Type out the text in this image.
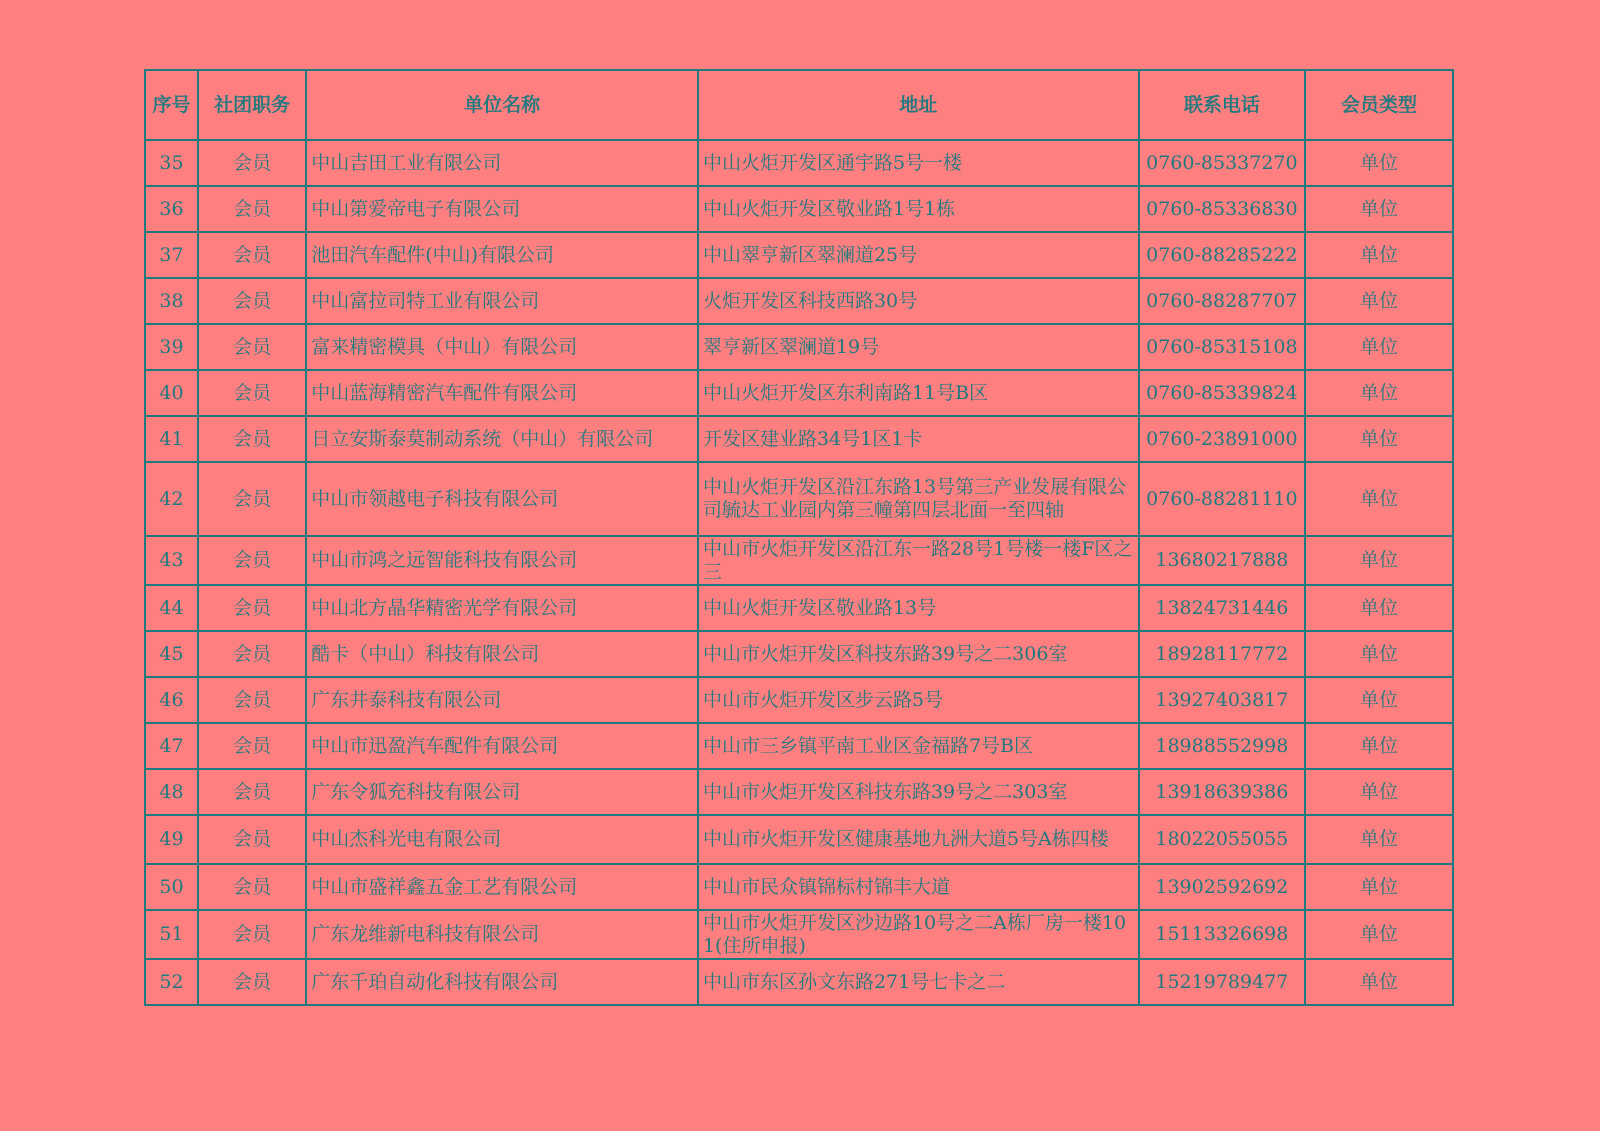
序号	社团职务	单位名称	地址	联系电话	会员类型
35	会员	中山吉田工业有限公司	中山火炬开发区通宇路5号一楼	0760-85337270	单位
36	会员	中山第爱帝电子有限公司	中山火炬开发区敬业路1号1栋	0760-85336830	单位
37	会员	池田汽车配件(中山)有限公司	中山翠亨新区翠澜道25号	0760-88285222	单位
38	会员	中山富拉司特工业有限公司	火炬开发区科技西路30号	0760-88287707	单位
39	会员	富来精密模具（中山）有限公司	翠亨新区翠澜道19号	0760-85315108	单位
40	会员	中山蓝海精密汽车配件有限公司	中山火炬开发区东利南路11号B区	0760-85339824	单位
41	会员	日立安斯泰莫制动系统（中山）有限公司	开发区建业路34号1区1卡	0760-23891000	单位
42	会员	中山市领越电子科技有限公司	中山火炬开发区沿江东路13号第三产业发展有限公司毓达工业园内第三幢第四层北面一至四轴	0760-88281110	单位
43	会员	中山市鸿之远智能科技有限公司	中山市火炬开发区沿江东一路28号1号楼一楼F区之三	13680217888	单位
44	会员	中山北方晶华精密光学有限公司	中山火炬开发区敬业路13号	13824731446	单位
45	会员	酷卡（中山）科技有限公司	中山市火炬开发区科技东路39号之二306室	18928117772	单位
46	会员	广东井泰科技有限公司	中山市火炬开发区步云路5号	13927403817	单位
47	会员	中山市迅盈汽车配件有限公司	中山市三乡镇平南工业区金福路7号B区	18988552998	单位
48	会员	广东令狐充科技有限公司	中山市火炬开发区科技东路39号之二303室	13918639386	单位
49	会员	中山杰科光电有限公司	中山市火炬开发区健康基地九洲大道5号A栋四楼	18022055055	单位
50	会员	中山市盛祥鑫五金工艺有限公司	中山市民众镇锦标村锦丰大道	13902592692	单位
51	会员	广东龙维新电科技有限公司	中山市火炬开发区沙边路10号之二A栋厂房一楼101(住所申报)	15113326698	单位
52	会员	广东千珀自动化科技有限公司	中山市东区孙文东路271号七卡之二	15219789477	单位
